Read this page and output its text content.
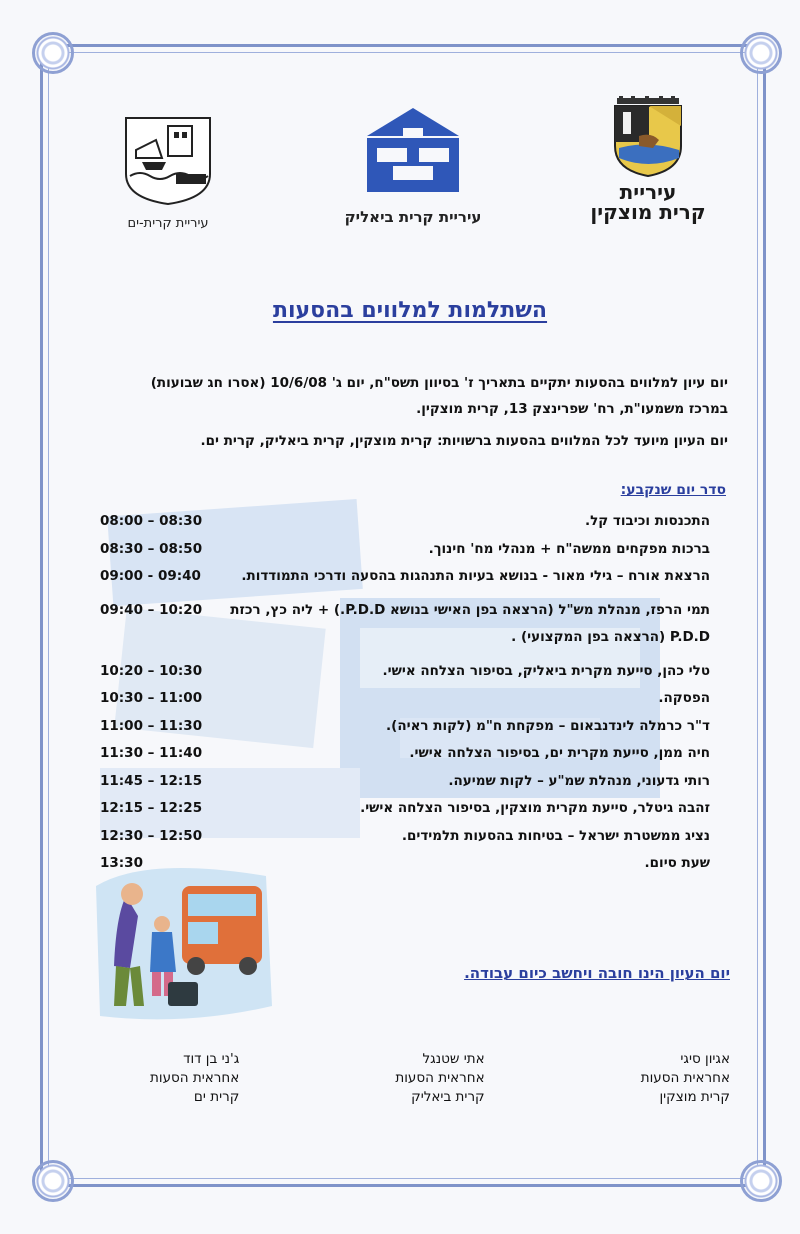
עיריית
קרית מוצקין
עיריית קרית ביאליק
עיריית קרית-ים
השתלמות למלווים בהסעות

יום עיון למלווים בהסעות יתקיים בתאריך ז' בסיוון תשס"ח, יום ג' 10/6/08 (אסרו חג שבועות)

במרכז משמעו"ת, רח' שפרינצק 13, קרית מוצקין.

יום העיון מיועד לכל המלווים בהסעות ברשויות: קרית מוצקין, קרית ביאליק, קרית ים.

סדר יום שנקבע:
התכנסות וכיבוד קל.
08:00 – 08:30
ברכות מפקחים ממשה"ח + מנהלי מח' חינוך.
08:30 – 08:50
הרצאת אורח – גילי מאור - בנושא בעיות התנהגות בהסעה ודרכי התמודדות.
09:00 - 09:40
תמי הרפז, מנהלת מש"ל (הרצאה בפן האישי בנושא P.D.D.) + ליה כץ, רכזת P.D.D (הרצאה בפן המקצועי) .
09:40 – 10:20
טלי כהן, סייעת מקרית ביאליק, בסיפור הצלחה אישי.
10:20 – 10:30
הפסקה.
10:30 – 11:00
ד"ר כרמלה לינדנבאום – מפקחת ח"מ (לקות ראיה).
11:00 – 11:30
חיה ממן, סייעת מקרית ים, בסיפור הצלחה אישי.
11:30 – 11:40
רותי גדעוני, מנהלת שמ"ע – לקות שמיעה.
11:45 – 12:15
זהבה גיטלר, סייעת מקרית מוצקין, בסיפור הצלחה אישי.
12:15 – 12:25
נציג ממשטרת ישראל – בטיחות בהסעות תלמידים.
12:30 – 12:50
שעת סיום.
13:30
יום העיון הינו חובה ויחשב כיום עבודה.
אגיון סיגי
אחראית הסעות
קרית מוצקין
אתי שטנגל
אחראית הסעות
קרית ביאליק
ג'ני בן דוד
אחראית הסעות
קרית ים
